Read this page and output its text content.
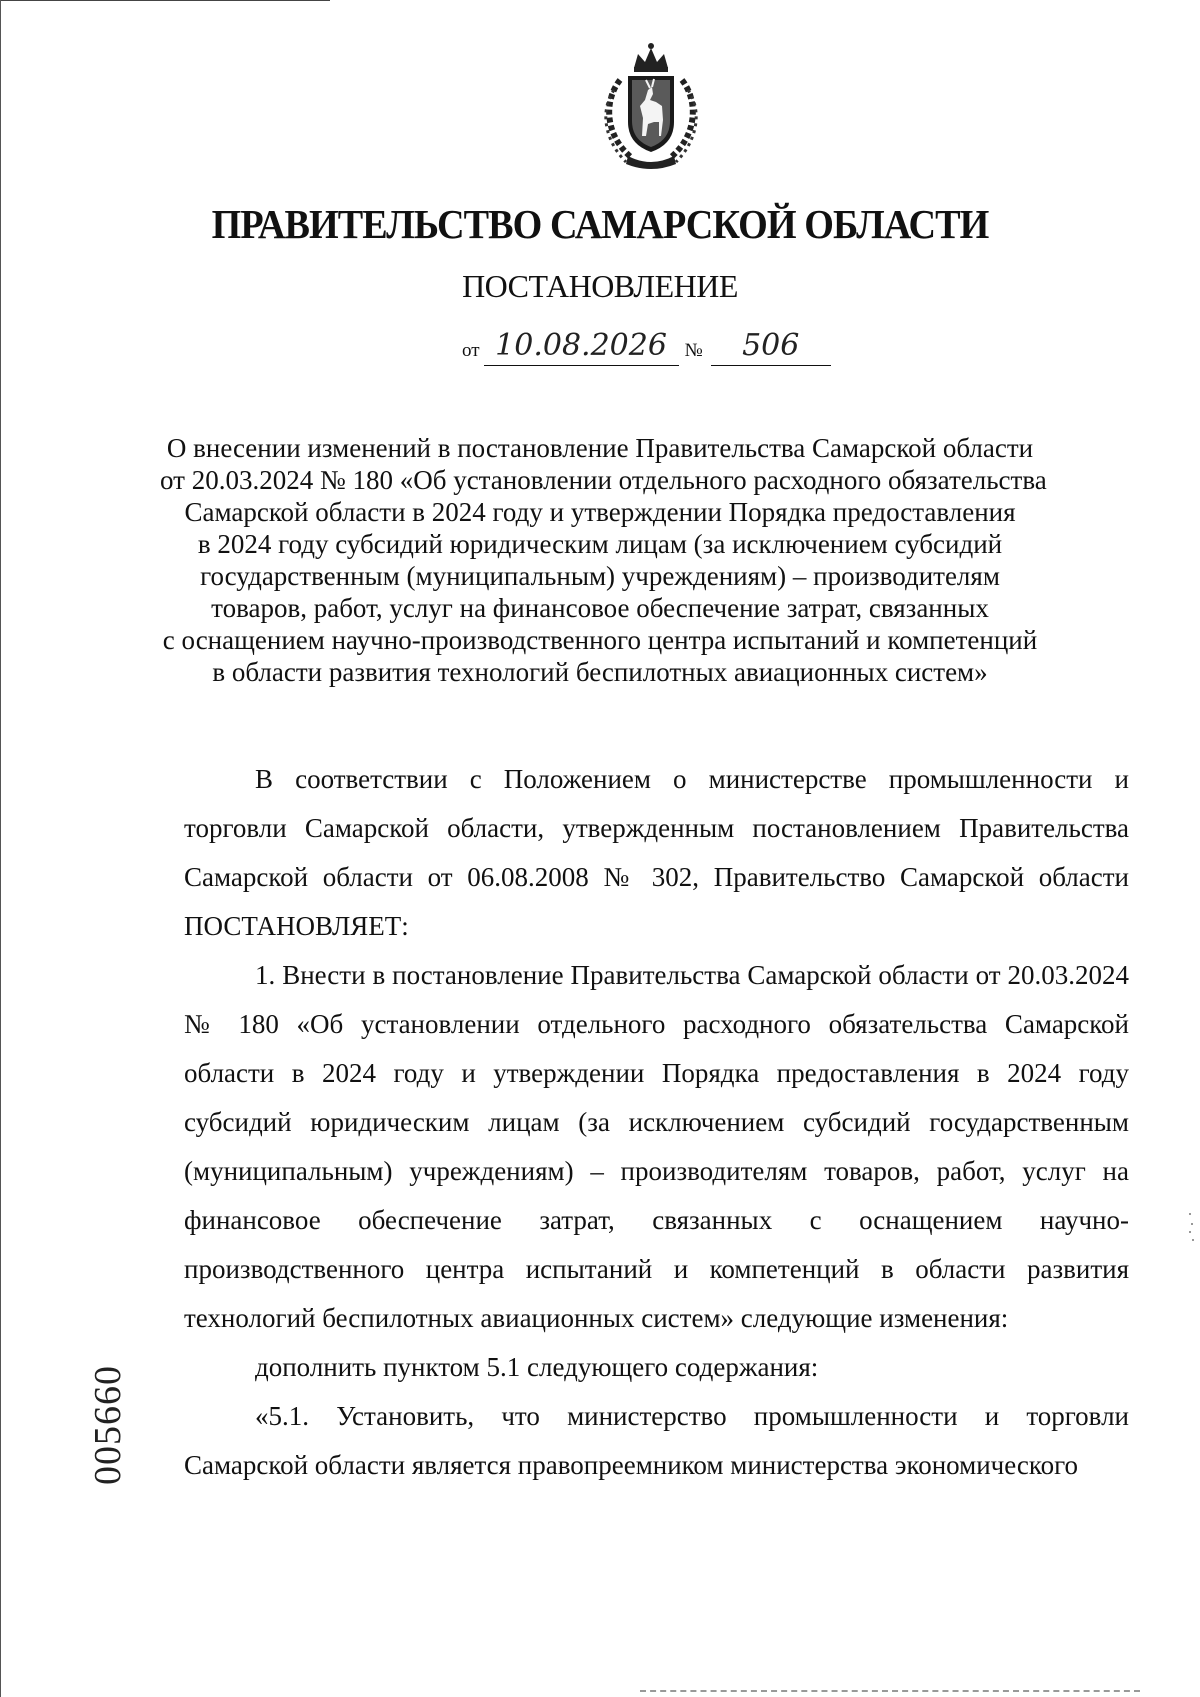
ПРАВИТЕЛЬСТВО САМАРСКОЙ ОБЛАСТИ
ПОСТАНОВЛЕНИЕ
от 10.08.2026 №	506
О внесении изменений в постановление Правительства Самарской области
от 20.03.2024 № 180 «Об установлении отдельного расходного обязательства
Самарской области в 2024 году и утверждении Порядка предоставления
в 2024 году субсидий юридическим лицам (за исключением субсидий
государственным (муниципальным) учреждениям) – производителям
товаров, работ, услуг на финансовое обеспечение затрат, связанных
с оснащением научно-производственного центра испытаний и компетенций
в области развития технологий беспилотных авиационных систем»

В соответствии с Положением о министерстве промышленности и торговли Самарской области, утвержденным постановлением Правительства Самарской области от 06.08.2008 № 302, Правительство Самарской области ПОСТАНОВЛЯЕТ:

1. Внести в постановление Правительства Самарской области от 20.03.2024 № 180 «Об установлении отдельного расходного обязательства Самарской области в 2024 году и утверждении Порядка предоставления в 2024 году субсидий юридическим лицам (за исключением субсидий государственным (муниципальным) учреждениям) – производителям товаров, работ, услуг на финансовое обеспечение затрат, связанных с оснащением научно-производственного центра испытаний и компетенций в области развития технологий беспилотных авиационных систем» следующие изменения:

дополнить пунктом 5.1 следующего содержания:

«5.1. Установить, что министерство промышленности и торговли Самарской области является правопреемником министерства экономического

005660
